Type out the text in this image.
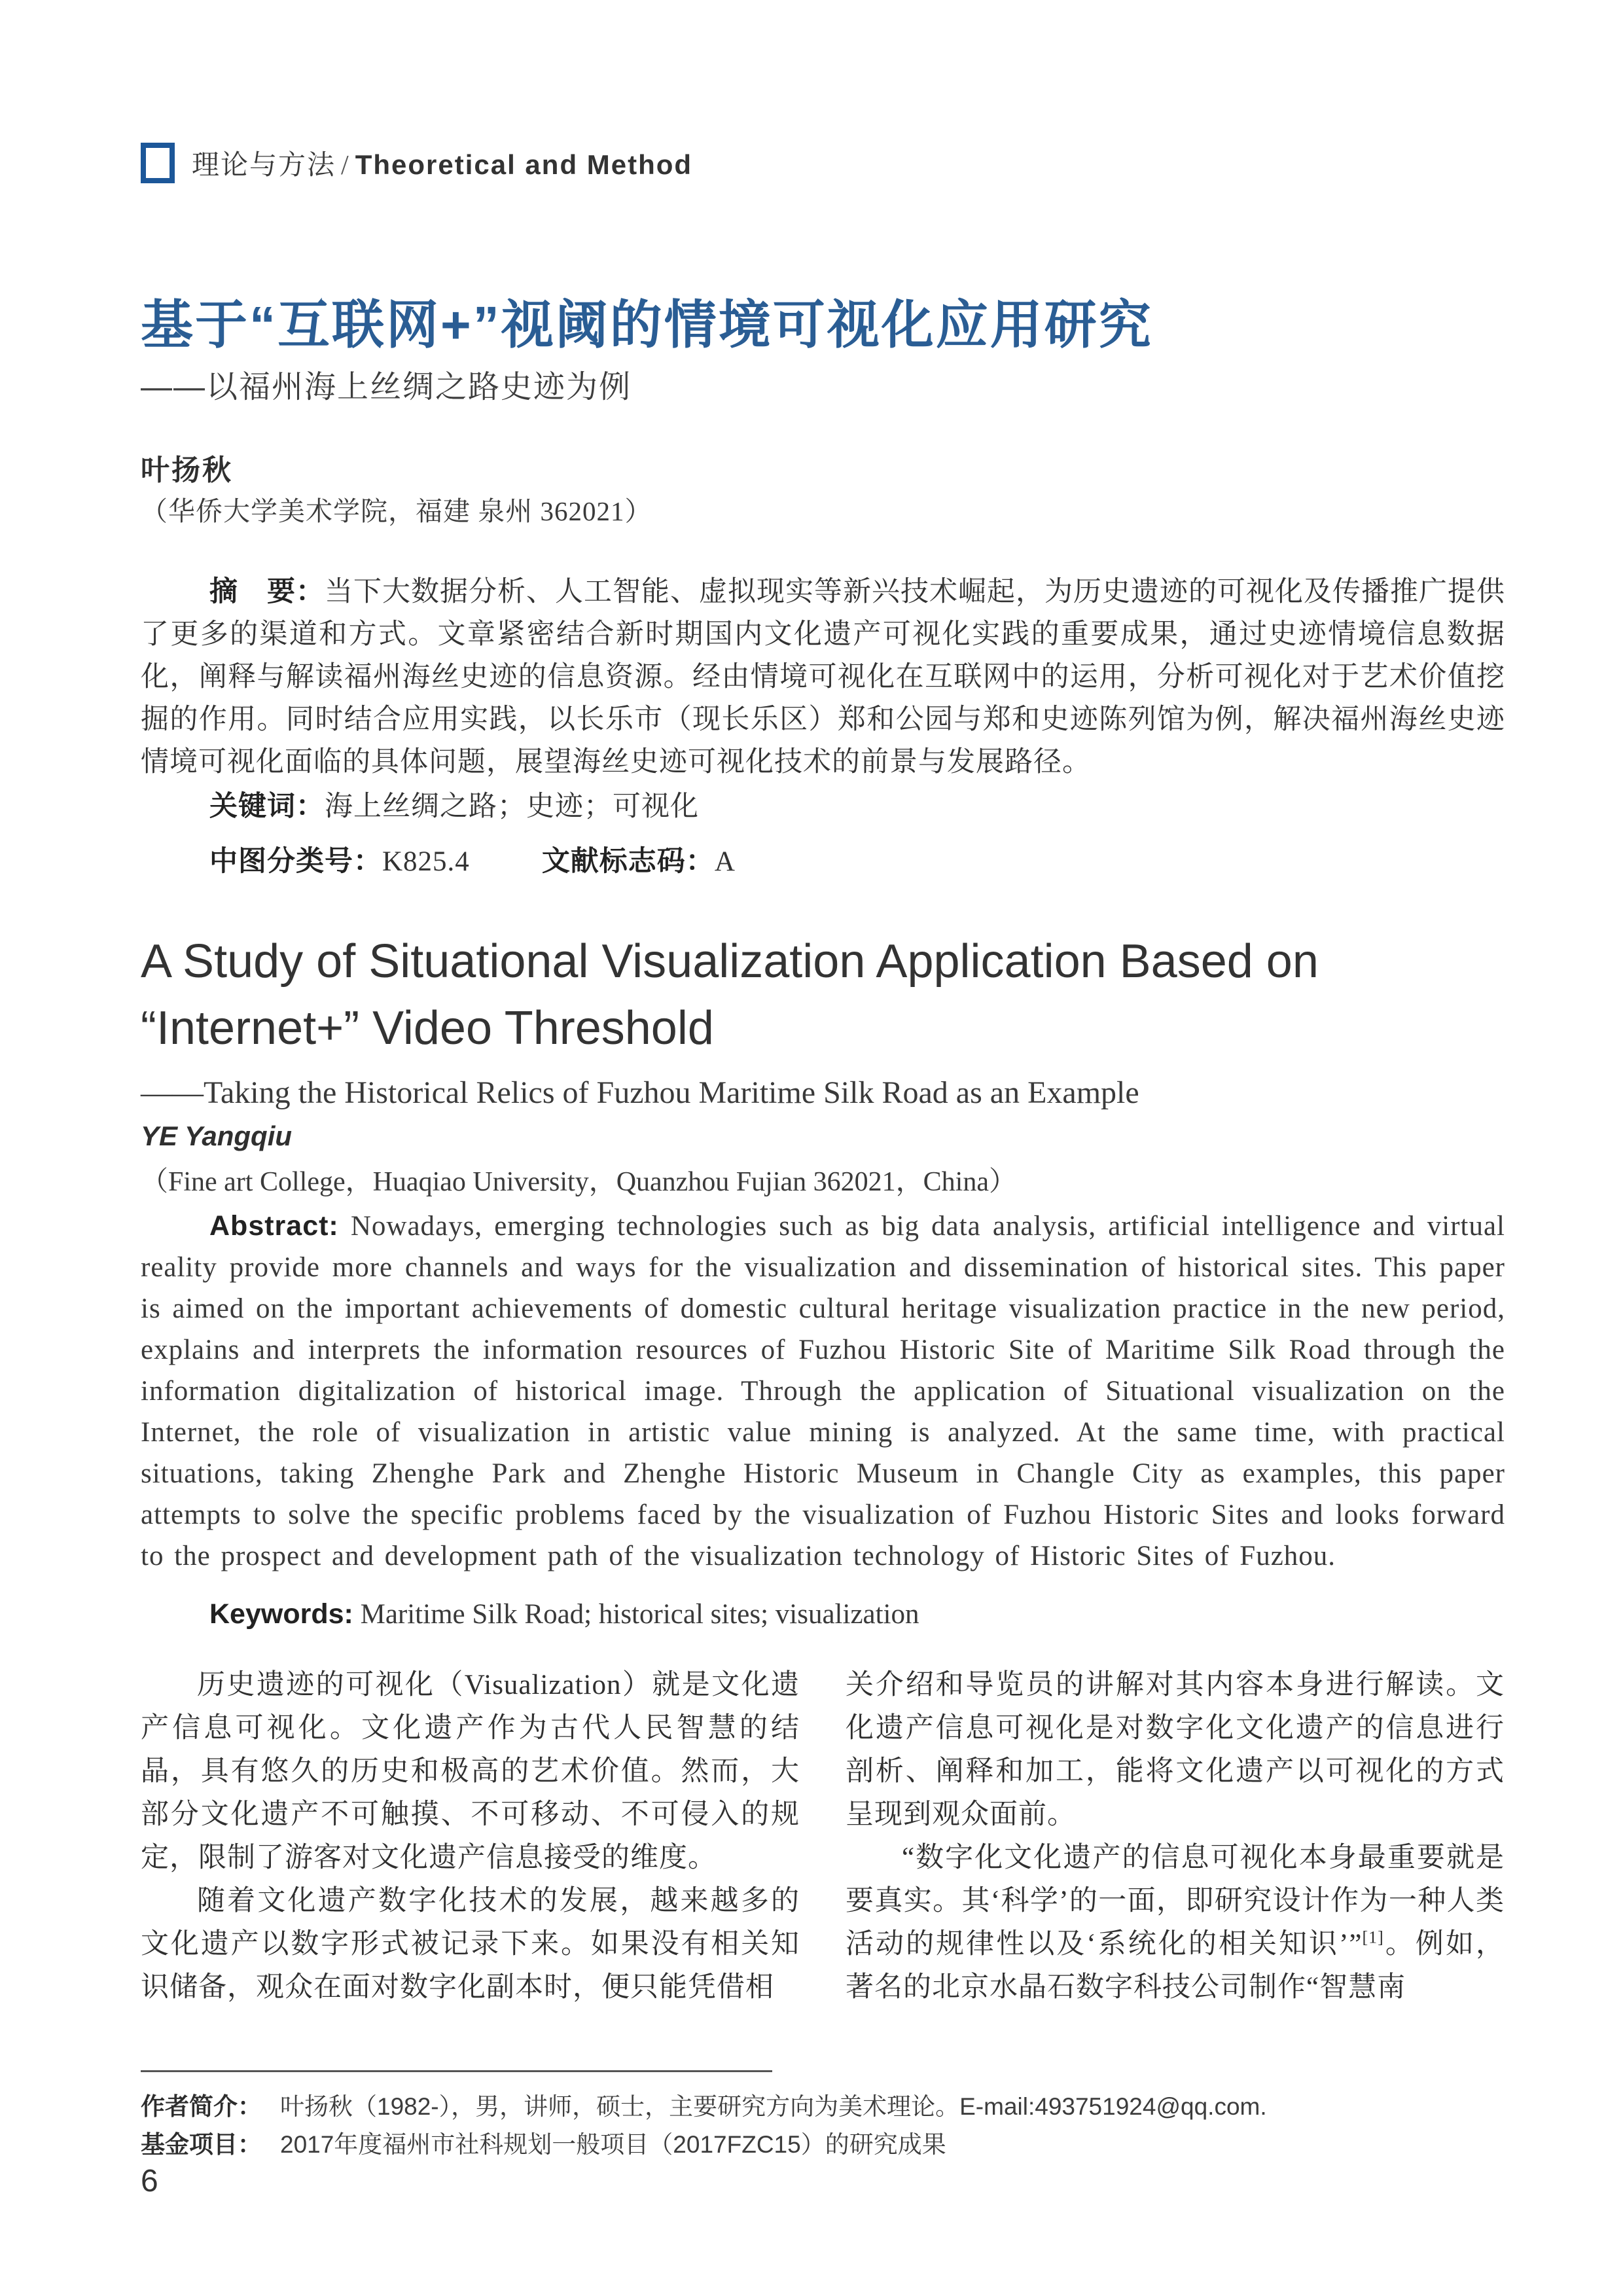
理论与方法 / Theoretical and Method
基于“互联网+”视阈的情境可视化应用研究
——以福州海上丝绸之路史迹为例
叶扬秋
（华侨大学美术学院，福建 泉州 362021）
摘　要：当下大数据分析、人工智能、虚拟现实等新兴技术崛起，为历史遗迹的可视化及传播推广提供了更多的渠道和方式。文章紧密结合新时期国内文化遗产可视化实践的重要成果，通过史迹情境信息数据化，阐释与解读福州海丝史迹的信息资源。经由情境可视化在互联网中的运用，分析可视化对于艺术价值挖掘的作用。同时结合应用实践，以长乐市（现长乐区）郑和公园与郑和史迹陈列馆为例，解决福州海丝史迹情境可视化面临的具体问题，展望海丝史迹可视化技术的前景与发展路径。
关键词：海上丝绸之路；史迹；可视化
中图分类号：K825.4	文献标志码：A
A Study of Situational Visualization Application Based on
“Internet+” Video Threshold
——Taking the Historical Relics of Fuzhou Maritime Silk Road as an Example
YE Yangqiu
（Fine art College，Huaqiao University，Quanzhou Fujian 362021，China）
Abstract: Nowadays, emerging technologies such as big data analysis, artificial intelligence and virtual reality provide more channels and ways for the visualization and dissemination of historical sites. This paper is aimed on the important achievements of domestic cultural heritage visualization practice in the new period, explains and interprets the information resources of Fuzhou Historic Site of Maritime Silk Road through the information digitalization of historical image. Through the application of Situational visualization on the Internet, the role of visualization in artistic value mining is analyzed. At the same time, with practical situations, taking Zhenghe Park and Zhenghe Historic Museum in Changle City as examples, this paper attempts to solve the specific problems faced by the visualization of Fuzhou Historic Sites and looks forward to the prospect and development path of the visualization technology of Historic Sites of Fuzhou.
Keywords: Maritime Silk Road; historical sites; visualization

历史遗迹的可视化（Visualization）就是文化遗产信息可视化。文化遗产作为古代人民智慧的结晶，具有悠久的历史和极高的艺术价值。然而，大部分文化遗产不可触摸、不可移动、不可侵入的规定，限制了游客对文化遗产信息接受的维度。

随着文化遗产数字化技术的发展，越来越多的文化遗产以数字形式被记录下来。如果没有相关知识储备，观众在面对数字化副本时，便只能凭借相

关介绍和导览员的讲解对其内容本身进行解读。文化遗产信息可视化是对数字化文化遗产的信息进行剖析、阐释和加工，能将文化遗产以可视化的方式呈现到观众面前。

“数字化文化遗产的信息可视化本身最重要就是要真实。其‘科学’的一面，即研究设计作为一种人类活动的规律性以及‘系统化的相关知识’”[1]。例如，著名的北京水晶石数字科技公司制作“智慧南

作者简介： 叶扬秋（1982-），男，讲师，硕士，主要研究方向为美术理论。E-mail:493751924@qq.com.
基金项目： 2017年度福州市社科规划一般项目（2017FZC15）的研究成果
6
